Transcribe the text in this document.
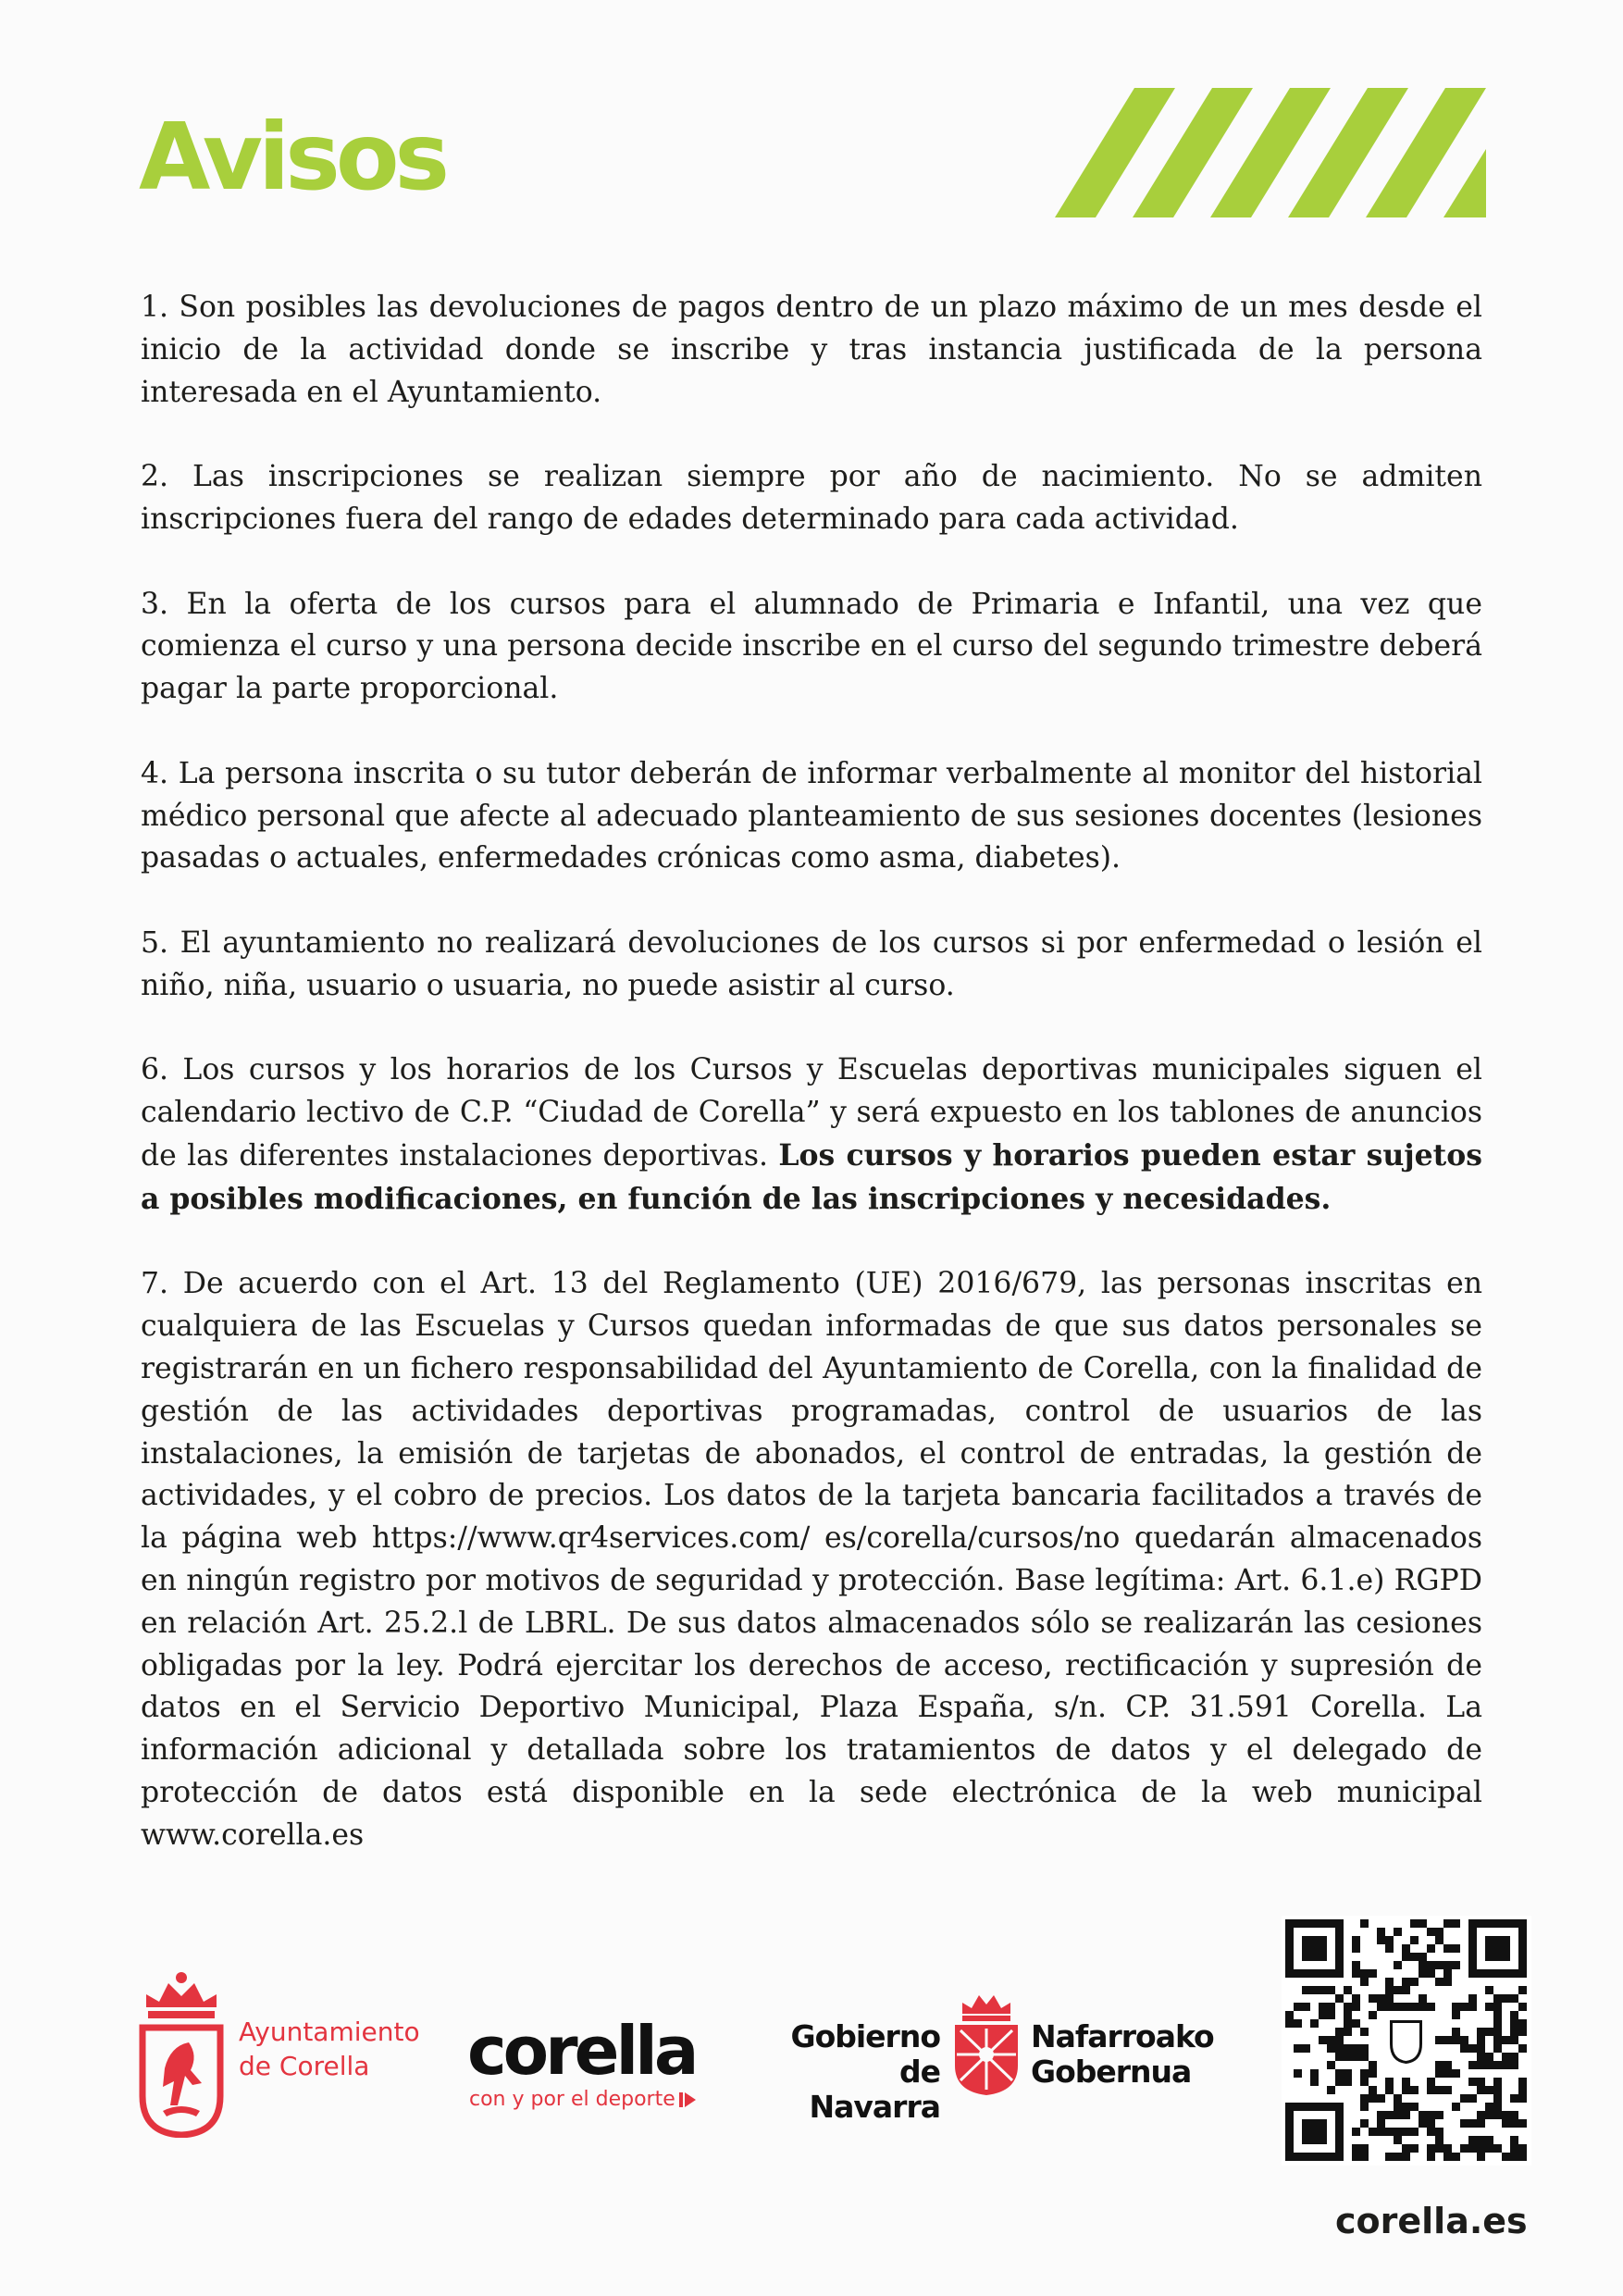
Avisos

1. Son posibles las devoluciones de pagos dentro de un plazo máximo de un mes desde el inicio de la actividad donde se inscribe y tras instancia justificada de la persona interesada en el Ayuntamiento.

2. Las inscripciones se realizan siempre por año de nacimiento. No se admiten inscripciones fuera del rango de edades determinado para cada actividad.

3. En la oferta de los cursos para el alumnado de Primaria e Infantil, una vez que comienza el curso y una persona decide inscribe en el curso del segundo trimestre deberá pagar la parte proporcional.

4. La persona inscrita o su tutor deberán de informar verbalmente al monitor del historial médico personal que afecte al adecuado planteamiento de sus sesiones docentes (lesiones pasadas o actuales, enfermedades crónicas como asma, diabetes).

5. El ayuntamiento no realizará devoluciones de los cursos si por enfermedad o lesión el niño, niña, usuario o usuaria, no puede asistir al curso.

6. Los cursos y los horarios de los Cursos y Escuelas deportivas municipales siguen el calendario lectivo de C.P. “Ciudad de Corella” y será expuesto en los tablones de anuncios de las diferentes instalaciones deportivas. Los cursos y horarios pueden estar sujetos a posibles modificaciones, en función de las inscripciones y necesidades.

7. De acuerdo con el Art. 13 del Reglamento (UE) 2016/679, las personas inscritas en cualquiera de las Escuelas y Cursos quedan informadas de que sus datos personales se registrarán en un fichero responsabilidad del Ayuntamiento de Corella, con la finalidad de gestión de las actividades deportivas programadas, control de usuarios de las instalaciones, la emisión de tarjetas de abonados, el control de entradas, la gestión de actividades, y el cobro de precios. Los datos de la tarjeta bancaria facilitados a través de la página web https://www.qr4services.com/ es/corella/cursos/no quedarán almacenados en ningún registro por motivos de seguridad y protección. Base legítima: Art. 6.1.e) RGPD en relación Art. 25.2.l de LBRL. De sus datos almacenados sólo se realizarán las cesiones obligadas por la ley. Podrá ejercitar los derechos de acceso, rectificación y supresión de datos en el Servicio Deportivo Municipal, Plaza España, s/n. CP. 31.591 Corella. La información adicional y detallada sobre los tratamientos de datos y el delegado de protección de datos está disponible en la sede electrónica de la web municipal www.corella.es

Ayuntamiento
de Corella	corella
con y por el deporte
Gobierno
de Navarra
Nafarroako
Gobernua
corella.es
